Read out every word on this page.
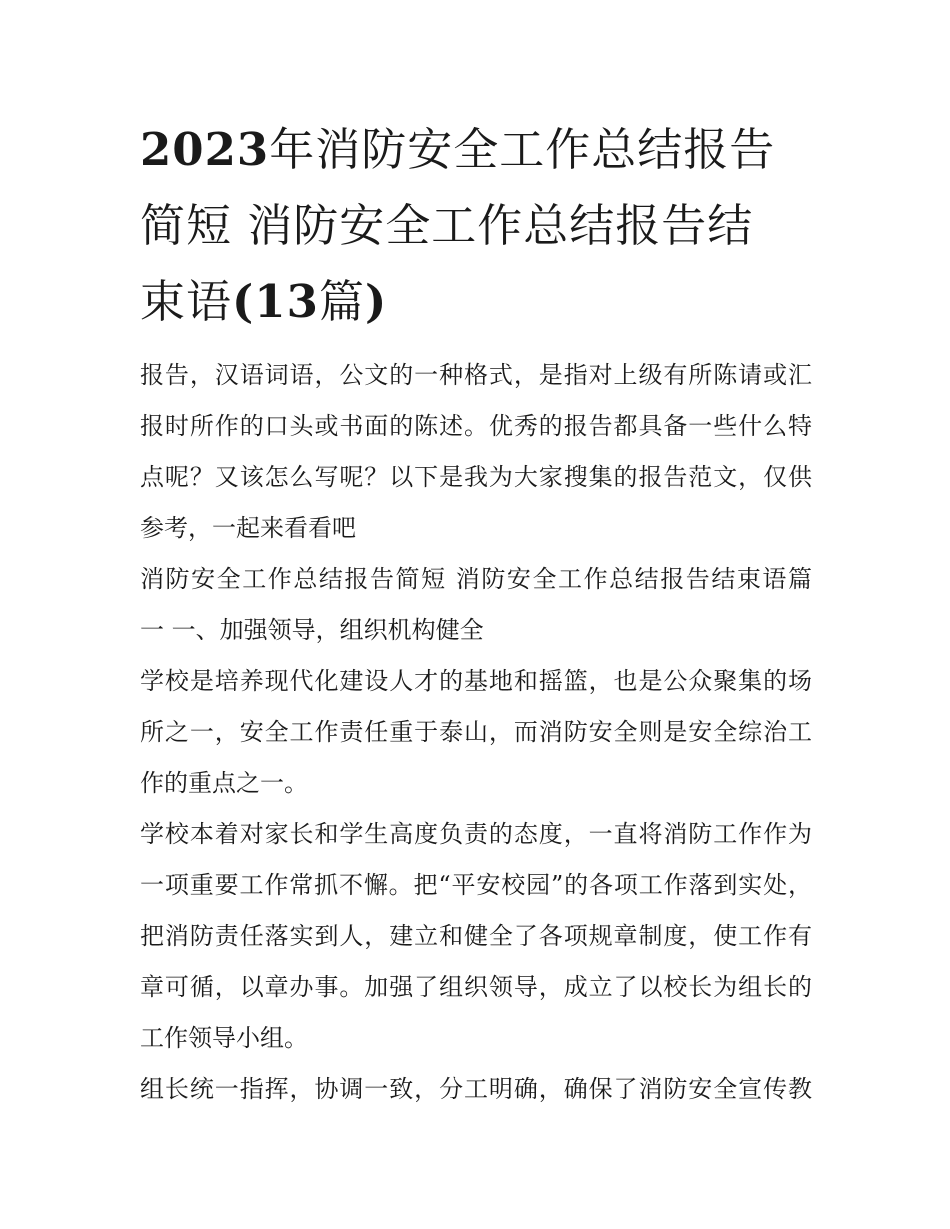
2023年消防安全工作总结报告
简短 消防安全工作总结报告结
束语(13篇)

报告，汉语词语，公文的一种格式，是指对上级有所陈请或汇
报时所作的口头或书面的陈述。优秀的报告都具备一些什么特
点呢？又该怎么写呢？以下是我为大家搜集的报告范文，仅供
参考，一起来看看吧

消防安全工作总结报告简短 消防安全工作总结报告结束语篇
一 一、加强领导，组织机构健全

学校是培养现代化建设人才的基地和摇篮，也是公众聚集的场
所之一，安全工作责任重于泰山，而消防安全则是安全综治工
作的重点之一。

学校本着对家长和学生高度负责的态度，一直将消防工作作为
一项重要工作常抓不懈。把“平安校园”的各项工作落到实处，
把消防责任落实到人，建立和健全了各项规章制度，使工作有
章可循，以章办事。加强了组织领导，成立了以校长为组长的
工作领导小组。

组长统一指挥，协调一致，分工明确，确保了消防安全宣传教
